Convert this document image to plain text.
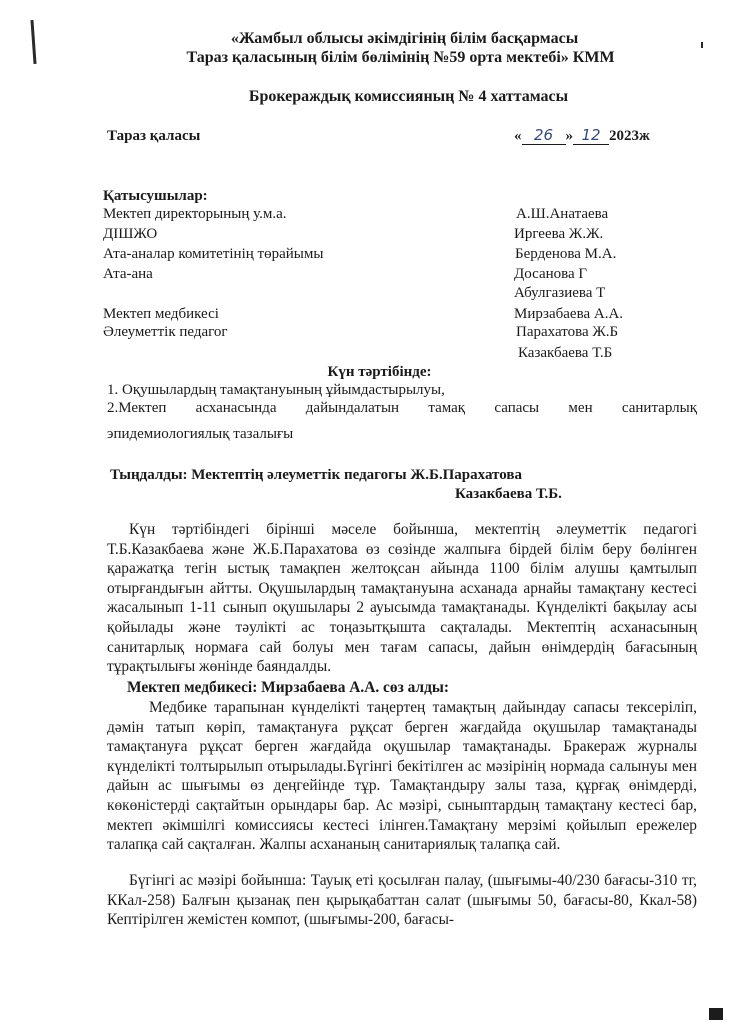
«Жамбыл облысы әкімдігінің білім басқармасы
Тараз қаласының білім бөлімінің №59 орта мектебі» КММ
Брокераждық комиссияның № 4 хаттамасы
Тараз қаласы	« 26 » 12 2023ж
Қатысушылар:
Мектеп директорының у.м.а.	А.Ш.Анатаева
ДІШЖО	Иргеева Ж.Ж.
Ата-аналар комитетінің төрайымы	Берденова М.А.
Ата-ана	Досанова Г
Абулгазиева Т
Мектеп медбикесі	Мирзабаева А.А.
Әлеуметтік педагог	Парахатова Ж.Б
Казакбаева Т.Б
Күн тәртібінде:
1. Оқушылардың тамақтануының ұйымдастырылуы,
2.Мектеп асханасында дайындалатын тамақ сапасы мен санитарлық
эпидемиологиялық тазалығы
Тыңдалды: Мектептің әлеуметтік педагогы Ж.Б.Парахатова
Казакбаева Т.Б.
Күн тәртібіндегі бірінші мәселе бойынша, мектептің әлеуметтік педагогі Т.Б.Казакбаева және Ж.Б.Парахатова өз сөзінде жалпыға бірдей білім беру бөлінген қаражатқа тегін ыстық тамақпен желтоқсан айында 1100 білім алушы қамтылып отырғандығын айтты. Оқушылардың тамақтануына асханада арнайы тамақтану кестесі жасалынып 1-11 сынып оқушылары 2 ауысымда тамақтанады. Күнделікті бақылау асы қойылады және тәулікті ас тоңазытқышта сақталады. Мектептің асханасының санитарлық нормаға сай болуы мен тағам сапасы, дайын өнімдердің бағасының тұрақтылығы жөнінде баяндалды.
Мектеп медбикесі: Мирзабаева А.А. сөз алды:
Медбике тарапынан күнделікті таңертең тамақтың дайындау сапасы тексеріліп, дәмін татып көріп, тамақтануға рұқсат берген жағдайда оқушылар тамақтанады тамақтануға рұқсат берген жағдайда оқушылар тамақтанады. Бракераж журналы күнделікті толтырылып отырылады.Бүгінгі бекітілген ас мәзірінің нормада салынуы мен дайын ас шығымы өз деңгейінде тұр. Тамақтандыру залы таза, құрғақ өнімдерді, көкөністерді сақтайтын орындары бар. Ас мәзірі, сыныптардың тамақтану кестесі бар, мектеп әкімшілгі комиссиясы кестесі ілінген.Тамақтану мерзімі қойылып ережелер талапқа сай сақталған. Жалпы асхананың санитариялық талапқа сай.
Бүгінгі ас мәзірі бойынша: Тауық еті қосылған палау, (шығымы-40/230 бағасы-310 тг, ККал-258) Балғын қызанақ пен қырықабаттан салат (шығымы 50, бағасы-80, Ккал-58) Кептірілген жемістен компот, (шығымы-200, бағасы-
